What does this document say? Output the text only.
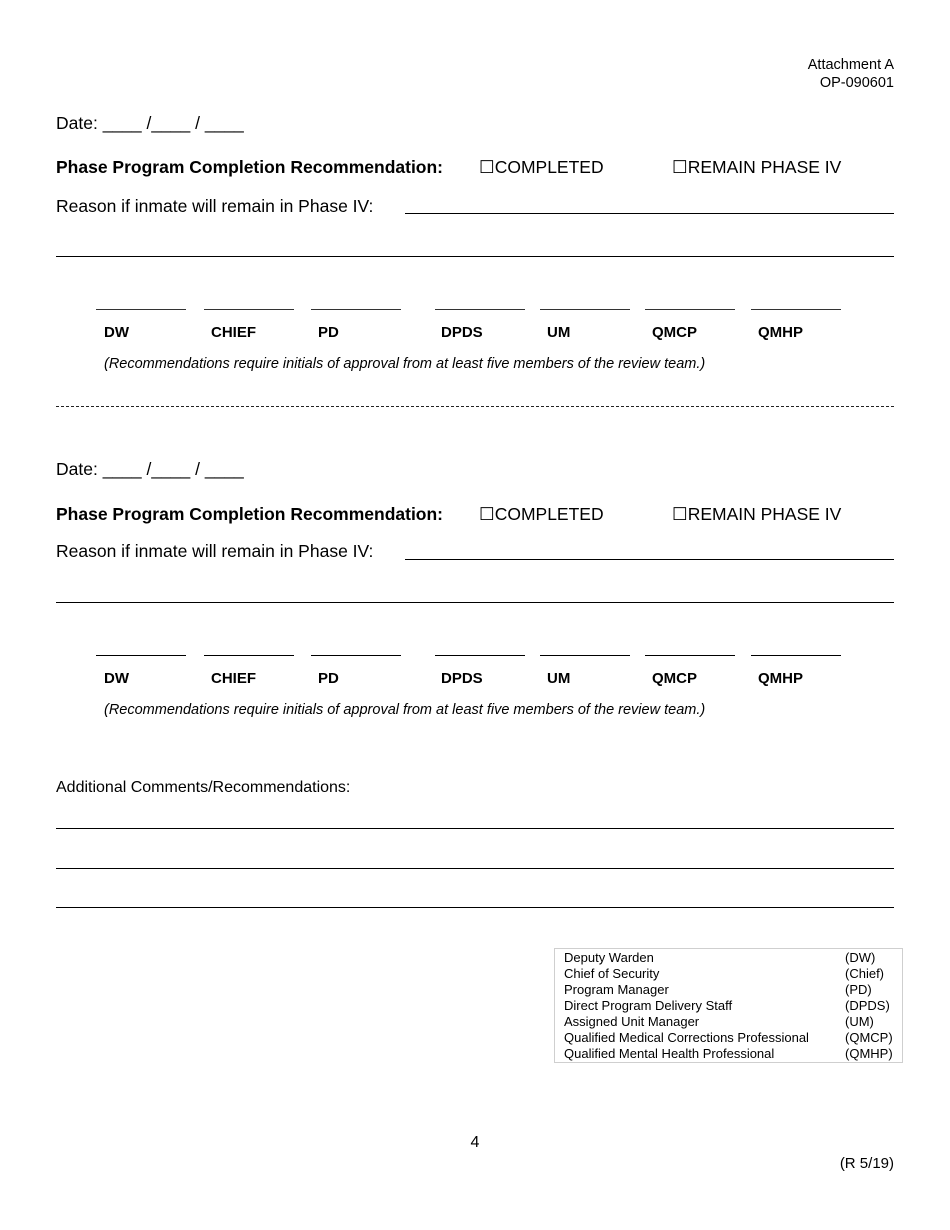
Attachment A
OP-090601
Date: ____ /____ / ____
Phase Program Completion Recommendation: ☐COMPLETED	☐REMAIN PHASE IV
Reason if inmate will remain in Phase IV:
DW	CHIEF	PD	DPDS	UM	QMCP	QMHP
(Recommendations require initials of approval from at least five members of the review team.)
Date: ____ /____ / ____
Phase Program Completion Recommendation: ☐COMPLETED	☐REMAIN PHASE IV
Reason if inmate will remain in Phase IV:
DW	CHIEF	PD	DPDS	UM	QMCP	QMHP
(Recommendations require initials of approval from at least five members of the review team.)
Additional Comments/Recommendations:
Deputy Warden	(DW)
Chief of Security	(Chief)
Program Manager	(PD)
Direct Program Delivery Staff	(DPDS)
Assigned Unit Manager	(UM)
Qualified Medical Corrections Professional	(QMCP)
Qualified Mental Health Professional	(QMHP)
4
(R 5/19)
